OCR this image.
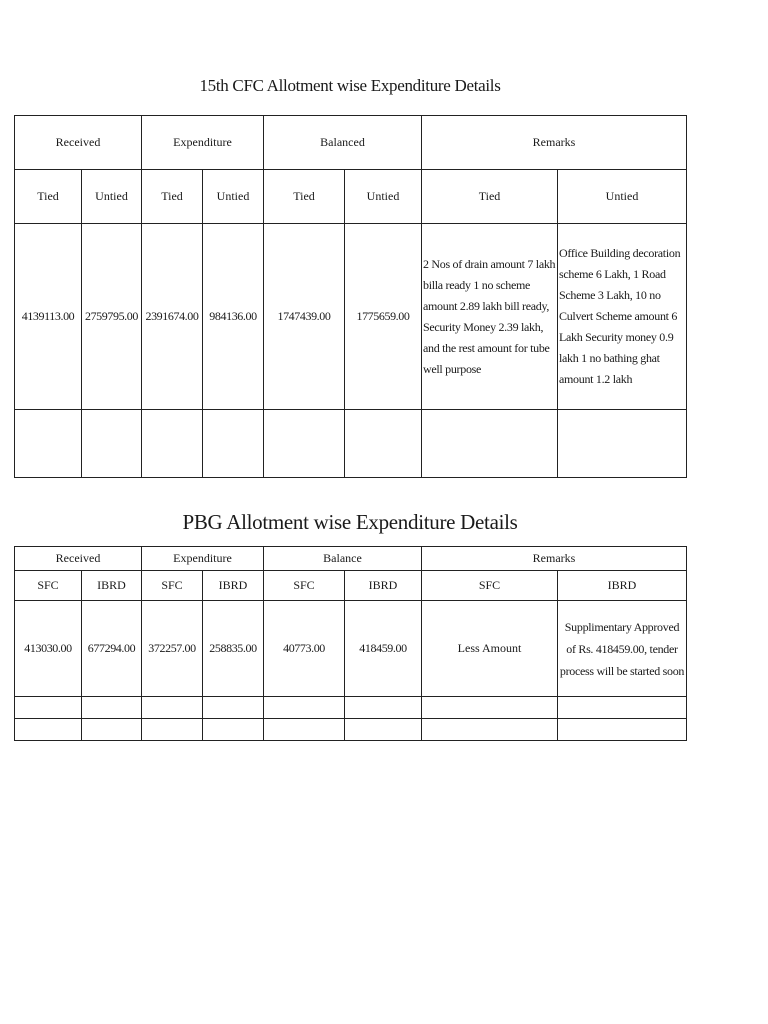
15th CFC Allotment wise Expenditure Details
Received		Expenditure		Balanced		Remarks	
Tied	Untied	Tied	Untied	Tied	Untied	Tied	Untied
4139113.00	2759795.00	2391674.00	984136.00	1747439.00	1775659.00	2 Nos of drain amount 7 lakh billa ready 1 no scheme amount 2.89 lakh bill ready, Security Money 2.39 lakh, and the rest amount for tube well purpose	Office Building decoration scheme 6 Lakh, 1 Road Scheme 3 Lakh, 10 no Culvert Scheme amount 6 Lakh Security money 0.9 lakh 1 no bathing ghat amount 1.2 lakh

PBG Allotment wise Expenditure Details
Received		Expenditure		Balance		Remarks	
SFC	IBRD	SFC	IBRD	SFC	IBRD	SFC	IBRD
413030.00	677294.00	372257.00	258835.00	40773.00	418459.00	Less Amount	Supplimentary Approved of Rs. 418459.00, tender process will be started soon
